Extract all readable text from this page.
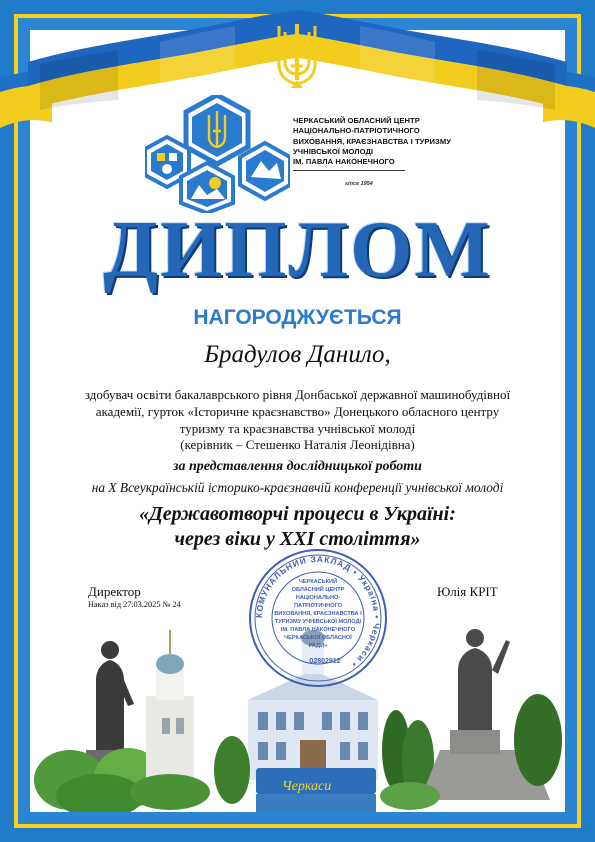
ЧЕРКАСЬКИЙ ОБЛАСНИЙ ЦЕНТР
НАЦІОНАЛЬНО-ПАТРІОТИЧНОГО
ВИХОВАННЯ, КРАЄЗНАВСТВА І ТУРИЗМУ
УЧНІВСЬКОЇ МОЛОДІ
ІМ. ПАВЛА НАКОНЕЧНОГО
since 1954
ДИПЛОМ
НАГОРОДЖУЄТЬСЯ
Брадулов Данило,
здобувач освіти бакалаврського рівня Донбаської державної машинобудівної
академії, гурток «Історичне краєзнавство» Донецького обласного центру
туризму та краєзнавства учнівської молоді
(керівник – Стешенко Наталія Леонідівна)
за представлення дослідницької роботи
на Х Всеукраїнській історико-краєзнавчій конференції учнівської молоді
«Державотворчі процеси в Україні:
через віки у ХХІ століття»
Черкаси
Директор
Наказ від 27.03.2025 № 24
Юлія КРІТ
КОМУНАЛЬНИЙ ЗАКЛАД • Україна • Черкаси •
ЧЕРКАСЬКИЙ
ОБЛАСНИЙ ЦЕНТР
НАЦІОНАЛЬНО-
ПАТРІОТИЧНОГО
ВИХОВАННЯ, КРАЄЗНАВСТВА І
ТУРИЗМУ УЧНІВСЬКОЇ МОЛОДІ
ІМ. ПАВЛА НАКОНЕЧНОГО
ЧЕРКАСЬКОЇ ОБЛАСНОЇ
РАДИ»
02802912
